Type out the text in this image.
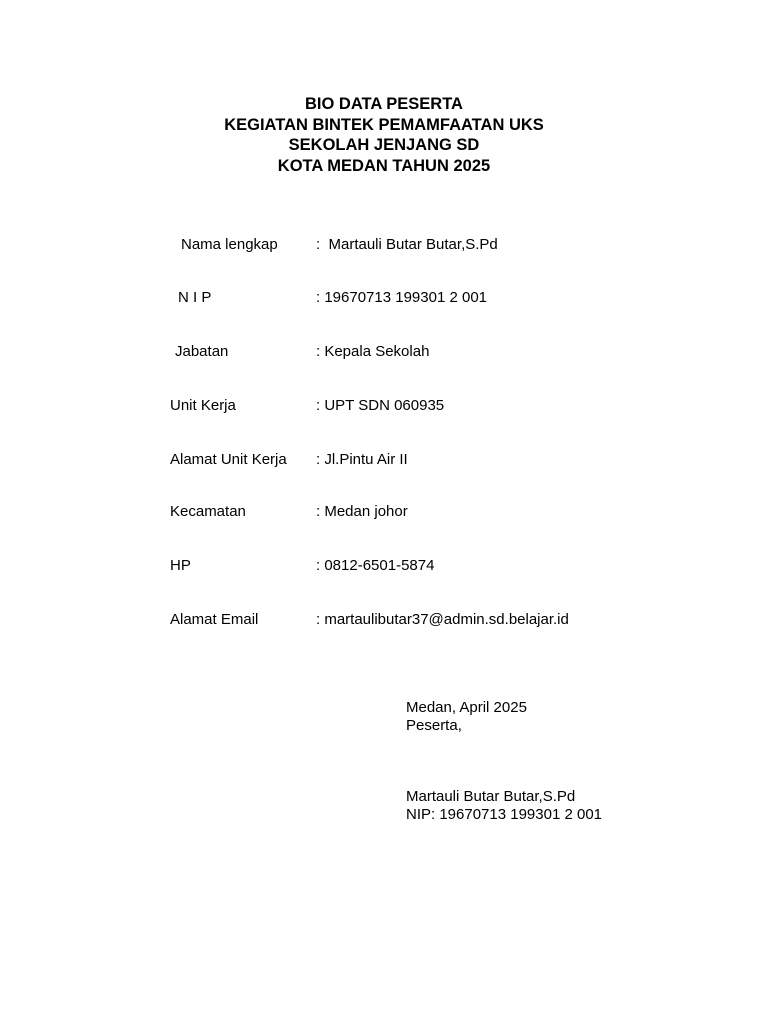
BIO DATA PESERTA
KEGIATAN BINTEK PEMAMFAATAN UKS
SEKOLAH JENJANG SD
KOTA MEDAN TAHUN 2025
Nama lengkap	:  Martauli Butar Butar,S.Pd
N I P	: 19670713 199301 2 001
Jabatan	: Kepala Sekolah
Unit Kerja	: UPT SDN 060935
Alamat Unit Kerja : Jl.Pintu Air II
Kecamatan	: Medan johor
HP	: 0812-6501-5874
Alamat Email	: martaulibutar37@admin.sd.belajar.id
Medan, April 2025
Peserta,
Martauli Butar Butar,S.Pd
NIP: 19670713 199301 2 001
